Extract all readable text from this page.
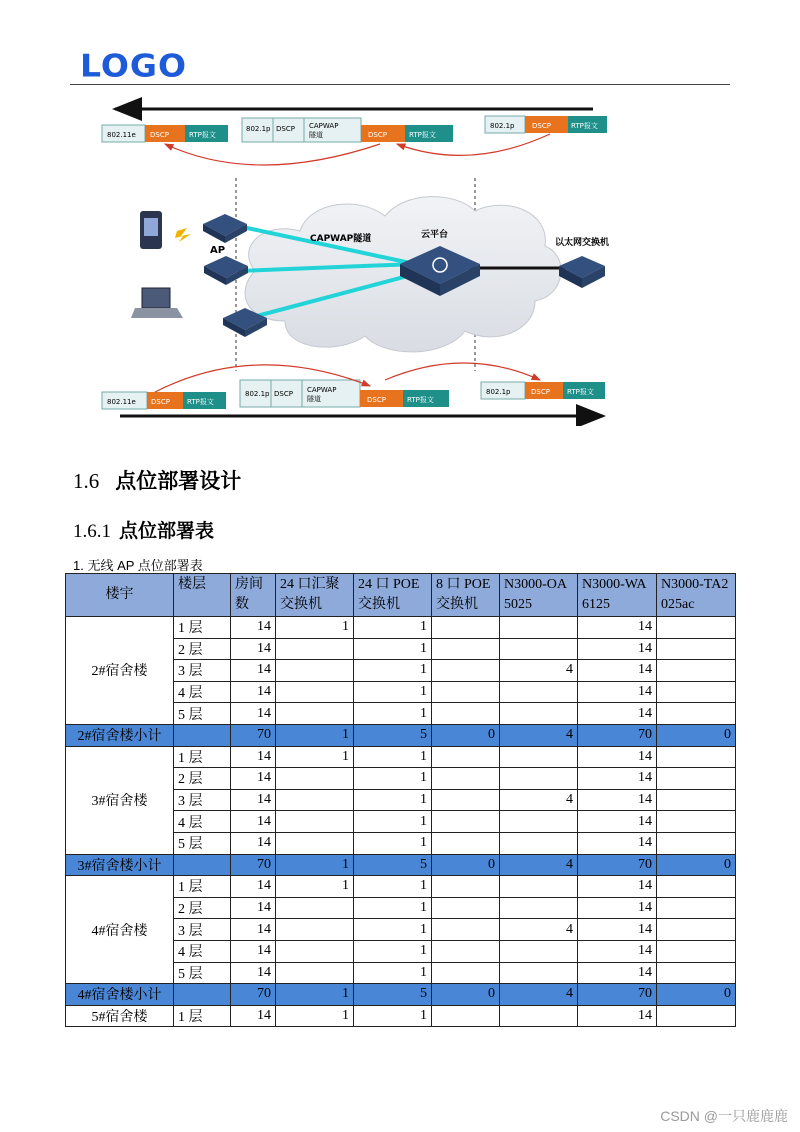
LOGO
802.11e DSCP	RTP报文
802.1p DSCP CAPWAP
隧道	DSCP	RTP报文
802.1p	DSCP	RTP报文
AP
CAPWAP隧道	云平台
以太网交换机
802.11e DSCP RTP报文
802.1p DSCP CAPWAP
隧道	DSCP	RTP报文
802.1p	DSCP RTP报文
1.6 点位部署设计
1.6.1 点位部署表
1. 无线 AP 点位部署表
楼宇	楼层	房间数	24 口汇聚交换机	24 口 POE 交换机	8 口 POE 交换机	N3000-OA5025	N3000-WA6125	N3000-TA2025ac
2#宿舍楼	1 层	14	1	1			14	
	2 层	14		1			14	
	3 层	14		1		4	14	
	4 层	14		1			14	
	5 层	14		1			14	
2#宿舍楼小计		70	1	5	0	4	70	0
3#宿舍楼	1 层	14	1	1			14	
	2 层	14		1			14	
	3 层	14		1		4	14	
	4 层	14		1			14	
	5 层	14		1			14	
3#宿舍楼小计		70	1	5	0	4	70	0
4#宿舍楼	1 层	14	1	1			14	
	2 层	14		1			14	
	3 层	14		1		4	14	
	4 层	14		1			14	
	5 层	14		1			14	
4#宿舍楼小计		70	1	5	0	4	70	0
5#宿舍楼	1 层	14	1	1			14	
CSDN @一只鹿鹿鹿
